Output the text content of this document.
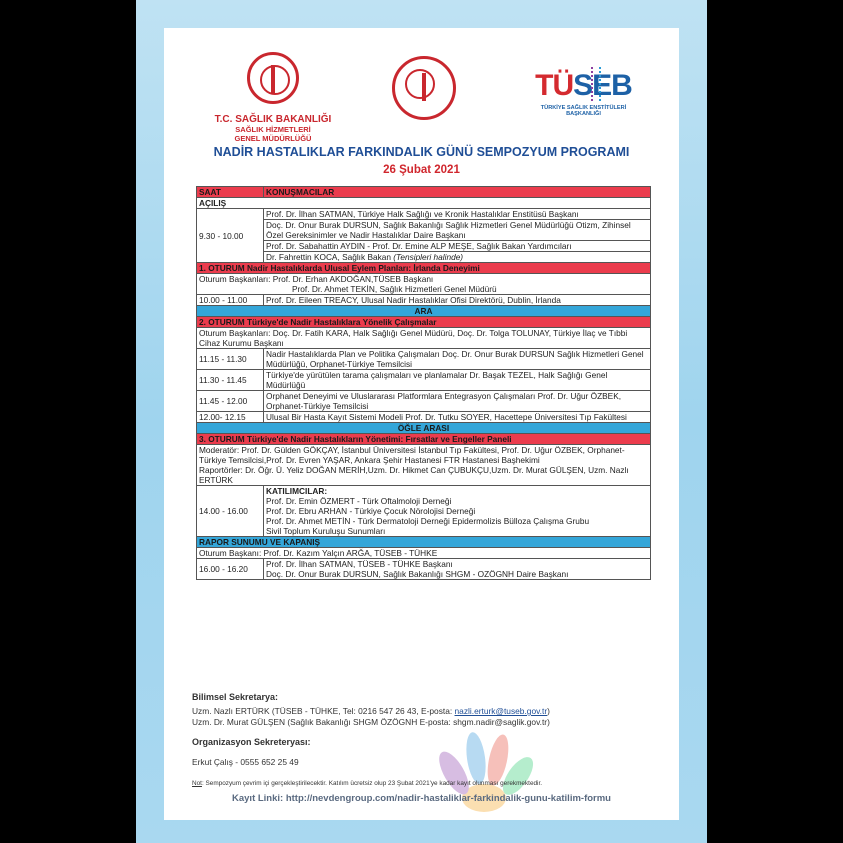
T.C. SAĞLIK BAKANLIĞI
SAĞLIK HİZMETLERİ
GENEL MÜDÜRLÜĞÜ
TÜSEB
TÜRKİYE SAĞLIK ENSTİTÜLERİ BAŞKANLIĞI
NADİR HASTALIKLAR FARKINDALIK GÜNÜ SEMPOZYUM PROGRAMI
26 Şubat 2021
SAAT	KONUŞMACILAR
AÇILIŞ	
9.30 - 10.00	Prof. Dr. İlhan SATMAN, Türkiye Halk Sağlığı ve Kronik Hastalıklar Enstitüsü Başkanı
	Doç. Dr. Onur Burak DURSUN, Sağlık Bakanlığı Sağlık Hizmetleri Genel Müdürlüğü Otizm, Zihinsel Özel Gereksinimler ve Nadir Hastalıklar Daire Başkanı
	Prof. Dr. Sabahattin AYDIN - Prof. Dr. Emine ALP MEŞE, Sağlık Bakan Yardımcıları
	Dr. Fahrettin KOCA, Sağlık Bakan (Tensipleri halinde)
1. OTURUM Nadir Hastalıklarda Ulusal Eylem Planları: İrlanda Deneyimi	

Oturum Başkanları: Prof. Dr. Erhan AKDOĞAN,TÜSEB Başkanı
Prof. Dr. Ahmet TEKİN, Sağlık Hizmetleri Genel Müdürü	

10.00 - 11.00	Prof. Dr. Eileen TREACY, Ulusal Nadir Hastalıklar Ofisi Direktörü, Dublin, İrlanda
ARA	
2. OTURUM Türkiye'de Nadir Hastalıklara Yönelik Çalışmalar	
Oturum Başkanları: Doç. Dr. Fatih KARA, Halk Sağlığı Genel Müdürü, Doç. Dr. Tolga TOLUNAY, Türkiye İlaç ve Tıbbi Cihaz Kurumu Başkanı	
11.15 - 11.30	Nadir Hastalıklarda Plan ve Politika Çalışmaları Doç. Dr. Onur Burak DURSUN Sağlık Hizmetleri Genel Müdürlüğü, Orphanet-Türkiye Temsilcisi
11.30 - 11.45	Türkiye'de yürütülen tarama çalışmaları ve planlamalar Dr. Başak TEZEL, Halk Sağlığı Genel Müdürlüğü
11.45 - 12.00	Orphanet Deneyimi ve Uluslararası Platformlara Entegrasyon Çalışmaları Prof. Dr. Uğur ÖZBEK, Orphanet-Türkiye Temsilcisi
12.00- 12.15	Ulusal Bir Hasta Kayıt Sistemi Modeli Prof. Dr. Tutku SOYER, Hacettepe Üniversitesi Tıp Fakültesi
ÖĞLE ARASI	
3. OTURUM Türkiye'de Nadir Hastalıkların Yönetimi: Fırsatlar ve Engeller Paneli	

Moderatör: Prof. Dr. Gülden GÖKÇAY, İstanbul Üniversitesi İstanbul Tıp Fakültesi, Prof. Dr. Uğur ÖZBEK, Orphanet-Türkiye Temsilcisi,Prof. Dr. Evren YAŞAR, Ankara Şehir Hastanesi FTR Hastanesi Başhekimi
Raportörler: Dr. Öğr. Ü. Yeliz DOĞAN MERİH,Uzm. Dr. Hikmet Can ÇUBUKÇU,Uzm. Dr. Murat GÜLŞEN, Uzm. Nazlı ERTÜRK	

14.00 - 16.00	KATILIMCILAR:
Prof. Dr. Emin ÖZMERT - Türk Oftalmoloji Derneği
Prof. Dr. Ebru ARHAN - Türkiye Çocuk Nörolojisi Derneği
Prof. Dr. Ahmet METİN - Türk Dermatoloji Derneği Epidermolizis Bülloza Çalışma Grubu
Sivil Toplum Kuruluşu Sunumları

RAPOR SUNUMU VE KAPANIŞ	
Oturum Başkanı: Prof. Dr. Kazım Yalçın ARĞA, TÜSEB - TÜHKE	
16.00 - 16.20	Prof. Dr. İlhan SATMAN, TÜSEB - TÜHKE Başkanı
Doç. Dr. Onur Burak DURSUN, Sağlık Bakanlığı SHGM - OZÖGNH Daire Başkanı
Bilimsel Sekretarya:
Uzm. Nazlı ERTÜRK (TÜSEB - TÜHKE, Tel: 0216 547 26 43, E-posta: nazli.erturk@tuseb.gov.tr)
Uzm. Dr. Murat GÜLŞEN (Sağlık Bakanlığı SHGM ÖZÖGNH E-posta: shgm.nadir@saglik.gov.tr)
Organizasyon Sekreteryası:
Erkut Çalış - 0555 652 25 49
Not: Sempozyum çevrim içi gerçekleştirilecektir. Katılım ücretsiz olup 23 Şubat 2021'ye kadar kayıt olunması gerekmektedir.
Kayıt Linki: http://nevdengroup.com/nadir-hastaliklar-farkindalik-gunu-katilim-formu
